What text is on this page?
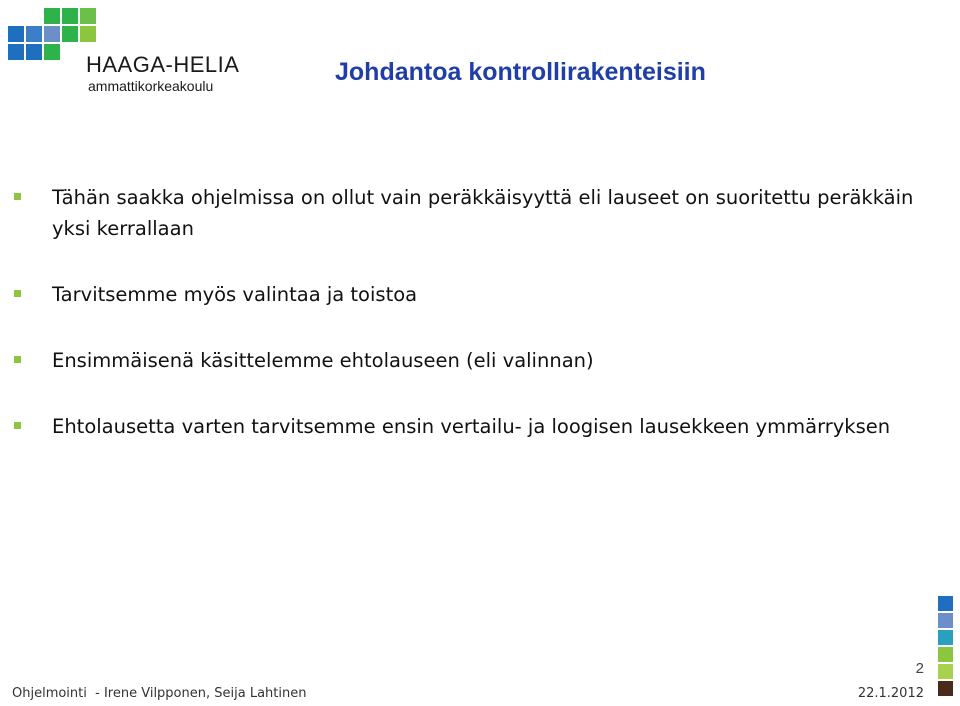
HAAGA-HELIA
ammattikorkeakoulu	Johdantoa kontrollirakenteisiin
Tähän saakka ohjelmissa on ollut vain peräkkäisyyttä eli lauseet on suoritettu peräkkäin yksi kerrallaan
Tarvitsemme myös valintaa ja toistoa
Ensimmäisenä käsittelemme ehtolauseen (eli valinnan)
Ehtolausetta varten tarvitsemme ensin vertailu- ja loogisen lausekkeen ymmärryksen
2
Ohjelmointi  - Irene Vilpponen, Seija Lahtinen	22.1.2012
